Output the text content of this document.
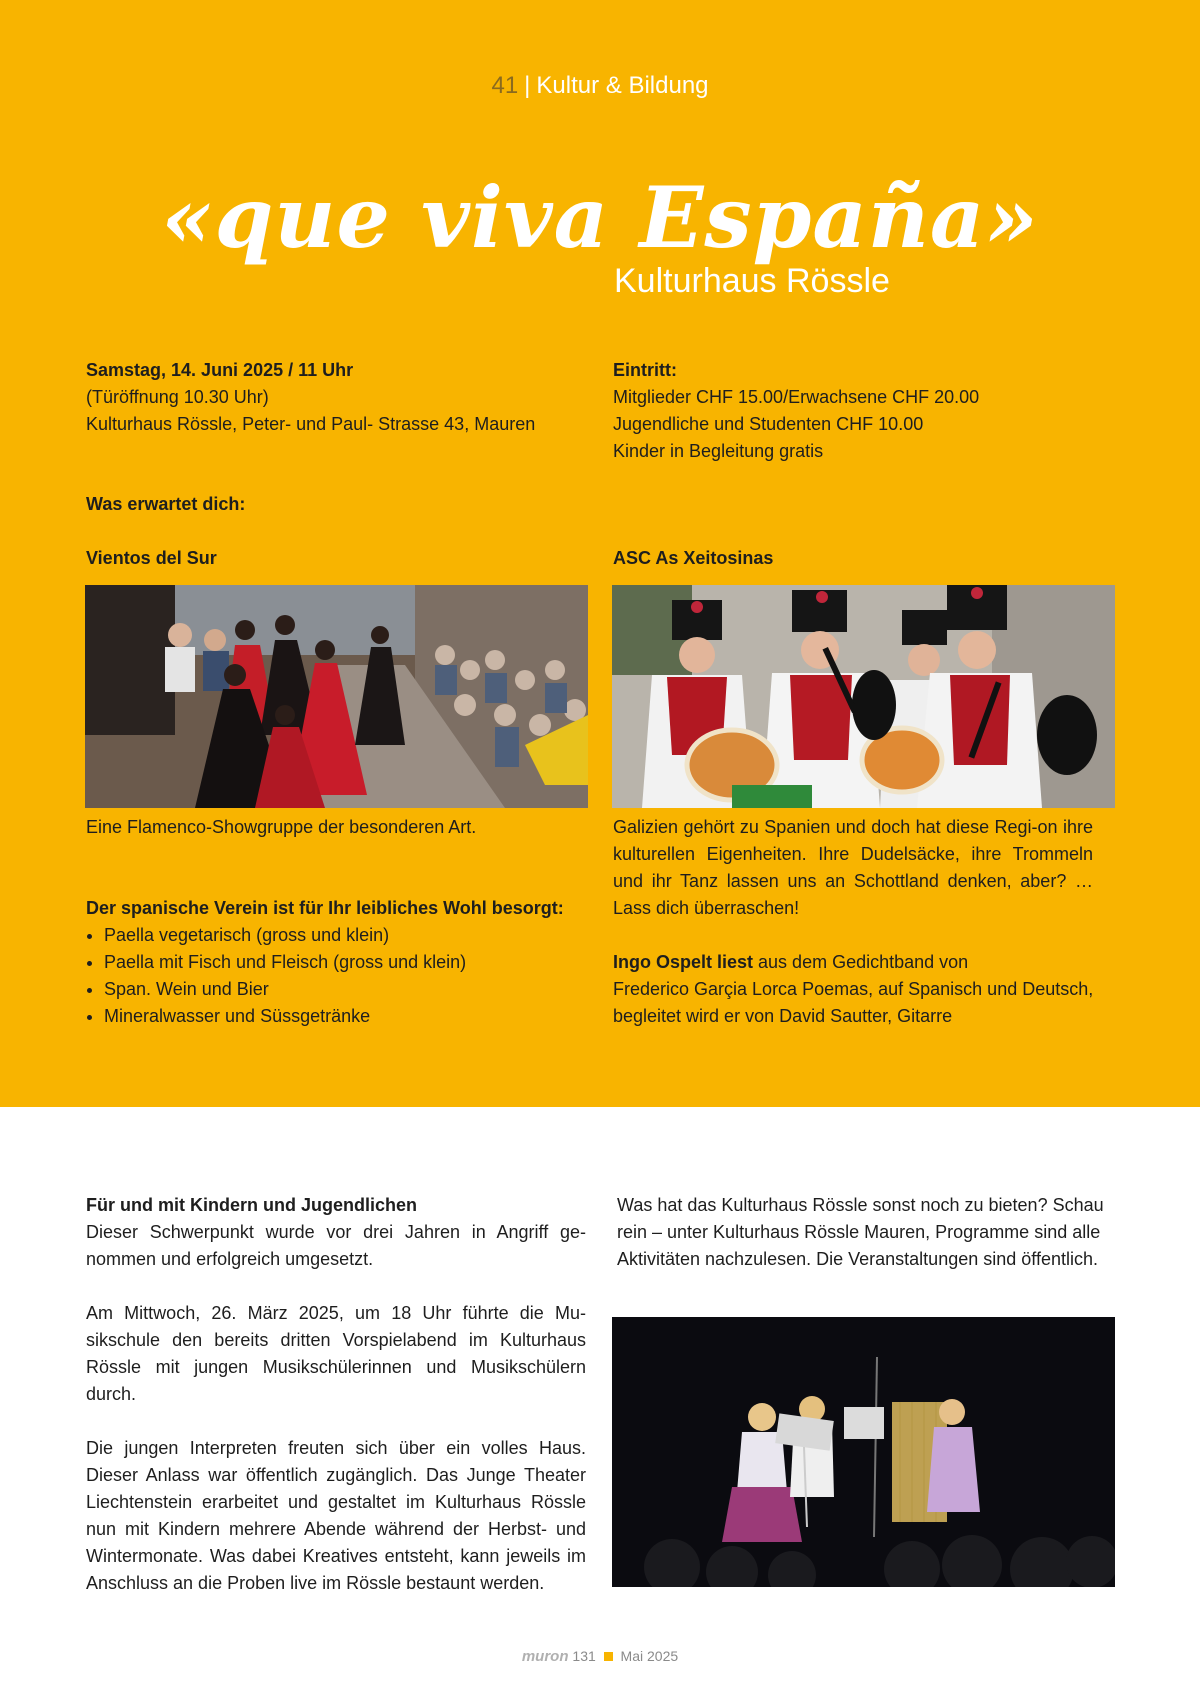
41 | Kultur & Bildung
«que viva España»
Kulturhaus Rössle
Samstag, 14. Juni 2025 / 11 Uhr
(Türöffnung 10.30 Uhr)
Kulturhaus Rössle, Peter- und Paul- Strasse 43, Mauren
Eintritt:
Mitglieder CHF 15.00/Erwachsene CHF 20.00
Jugendliche und Studenten CHF 10.00
Kinder in Begleitung gratis
Was erwartet dich:
Vientos del Sur	ASC As Xeitosinas
Eine Flamenco-Showgruppe der besonderen Art.	Galizien gehört zu Spanien und doch hat diese Regi-on ihre kulturellen Eigenheiten. Ihre Dudelsäcke, ihre Trommeln und ihr Tanz lassen uns an Schottland denken, aber? … Lass dich überraschen!
Der spanische Verein ist für Ihr leibliches Wohl besorgt:
• Paella vegetarisch (gross und klein)
• Paella mit Fisch und Fleisch (gross und klein)
• Span. Wein und Bier
• Mineralwasser und Süssgetränke
Ingo Ospelt liest aus dem Gedichtband von
Frederico Garçia Lorca Poemas, auf Spanisch und Deutsch,
begleitet wird er von David Sautter, Gitarre
Für und mit Kindern und Jugendlichen
Dieser Schwerpunkt wurde vor drei Jahren in Angriff ge-nommen und erfolgreich umgesetzt.
Am Mittwoch, 26. März 2025, um 18 Uhr führte die Mu-sikschule den bereits dritten Vorspielabend im Kulturhaus Rössle mit jungen Musikschülerinnen und Musikschülern durch.
Die jungen Interpreten freuten sich über ein volles Haus. Dieser Anlass war öffentlich zugänglich. Das Junge Theater Liechtenstein erarbeitet und gestaltet im Kulturhaus Rössle nun mit Kindern mehrere Abende während der Herbst- und Wintermonate. Was dabei Kreatives entsteht, kann jeweils im Anschluss an die Proben live im Rössle bestaunt werden.
Was hat das Kulturhaus Rössle sonst noch zu bieten? Schau rein – unter Kulturhaus Rössle Mauren, Programme sind alle Aktivitäten nachzulesen. Die Veranstaltungen sind öffentlich.
muron 131 Mai 2025
